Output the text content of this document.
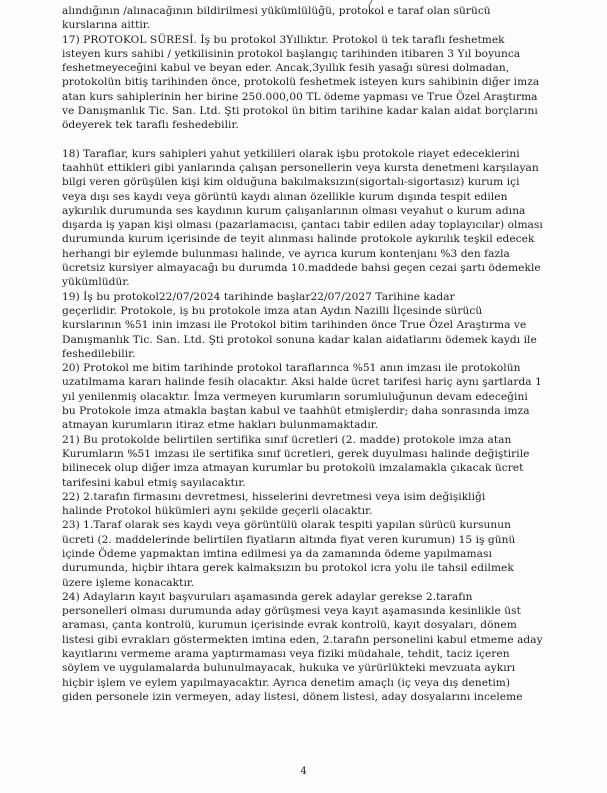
alındığının /alınacağının bildirilmesi yükümlülüğü, protokol e taraf olan sürücü
kurslarına aittir.
17) PROTOKOL SÜRESİ. İş bu protokol 3Yıllıktır. Protokol ü tek taraflı feshetmek
isteyen kurs sahibi / yetkilisinin protokol başlangıç tarihinden itibaren 3 Yıl boyunca
feshetmeyeceğini kabul ve beyan eder. Ancak,3yıllık fesih yasağı süresi dolmadan,
protokolün bitiş tarihinden önce, protokolü feshetmek isteyen kurs sahibinin diğer imza
atan kurs sahiplerinin her birine 250.000,00 TL ödeme yapması ve True Özel Araştırma
ve Danışmanlık Tic. San. Ltd. Şti protokol ün bitim tarihine kadar kalan aidat borçlarını
ödeyerek tek taraflı feshedebilir.
18) Taraflar, kurs sahipleri yahut yetkilileri olarak işbu protokole riayet edeceklerini
taahhüt ettikleri gibi yanlarında çalışan personellerin veya kursta denetmeni karşılayan
bilgi veren görüşülen kişi kim olduğuna bakılmaksızın(sigortalı-sigortasız) kurum içi
veya dışı ses kaydı veya görüntü kaydı alınan özellikle kurum dışında tespit edilen
aykırılık durumunda ses kaydının kurum çalışanlarının olması veyahut o kurum adına
dışarda iş yapan kişi olması (pazarlamacısı, çantacı tabir edilen aday toplayıcılar) olması
durumunda kurum içerisinde de teyit alınması halinde protokole aykırılık teşkil edecek
herhangi bir eylemde bulunması halinde, ve ayrıca kurum kontenjanı %3 den fazla
ücretsiz kursiyer almayacağı bu durumda 10.maddede bahsi geçen cezai şartı ödemekle
yükümlüdür.
19) İş bu protokol22/07/2024 tarihinde başlar22/07/2027 Tarihine kadar
geçerlidir. Protokole, iş bu protokole imza atan Aydın Nazilli İlçesinde sürücü
kurslarının %51 inin imzası ile Protokol bitim tarihinden önce True Özel Araştırma ve
Danışmanlık Tic. San. Ltd. Şti protokol sonuna kadar kalan aidatlarını ödemek kaydı ile
feshedilebilir.
20) Protokol me bitim tarihinde protokol taraflarınca %51 anın imzası ile protokolün
uzatılmama kararı halinde fesih olacaktır. Aksi halde ücret tarifesi hariç aynı şartlarda 1
yıl yenilenmiş olacaktır. İmza vermeyen kurumların sorumluluğunun devam edeceğini
bu Protokole imza atmakla baştan kabul ve taahhüt etmişlerdir; daha sonrasında imza
atmayan kurumların itiraz etme hakları bulunmamaktadır.
21) Bu protokolde belirtilen sertifika sınıf ücretleri (2. madde) protokole imza atan
Kurumların %51 imzası ile sertifika sınıf ücretleri, gerek duyulması halinde değiştirile
bilinecek olup diğer imza atmayan kurumlar bu protokolü imzalamakla çıkacak ücret
tarifesini kabul etmiş sayılacaktır.
22) 2.tarafın firmasını devretmesi, hisselerini devretmesi veya isim değişikliği
halinde Protokol hükümleri aynı şekilde geçerli olacaktır.
23) 1.Taraf olarak ses kaydı veya görüntülü olarak tespiti yapılan sürücü kursunun
ücreti (2. maddelerinde belirtilen fiyatların altında fiyat veren kurumun) 15 iş günü
içinde Ödeme yapmaktan imtina edilmesi ya da zamanında ödeme yapılmaması
durumunda, hiçbir ihtara gerek kalmaksızın bu protokol icra yolu ile tahsil edilmek
üzere işleme konacaktır.
24) Adayların kayıt başvuruları aşamasında gerek adaylar gerekse 2.tarafın
personelleri olması durumunda aday görüşmesi veya kayıt aşamasında kesinlikle üst
araması, çanta kontrolü, kurumun içerisinde evrak kontrolü, kayıt dosyaları, dönem
listesi gibi evrakları göstermekten imtina eden, 2.tarafın personelini kabul etmeme aday
kayıtlarını vermeme arama yaptırmaması veya fiziki müdahale, tehdit, taciz içeren
söylem ve uygulamalarda bulunulmayacak, hukuka ve yürürlükteki mevzuata aykırı
hiçbir işlem ve eylem yapılmayacaktır. Ayrıca denetim amaçlı (iç veya dış denetim)
giden personele izin vermeyen, aday listesi, dönem listesi, aday dosyalarını inceleme
4
